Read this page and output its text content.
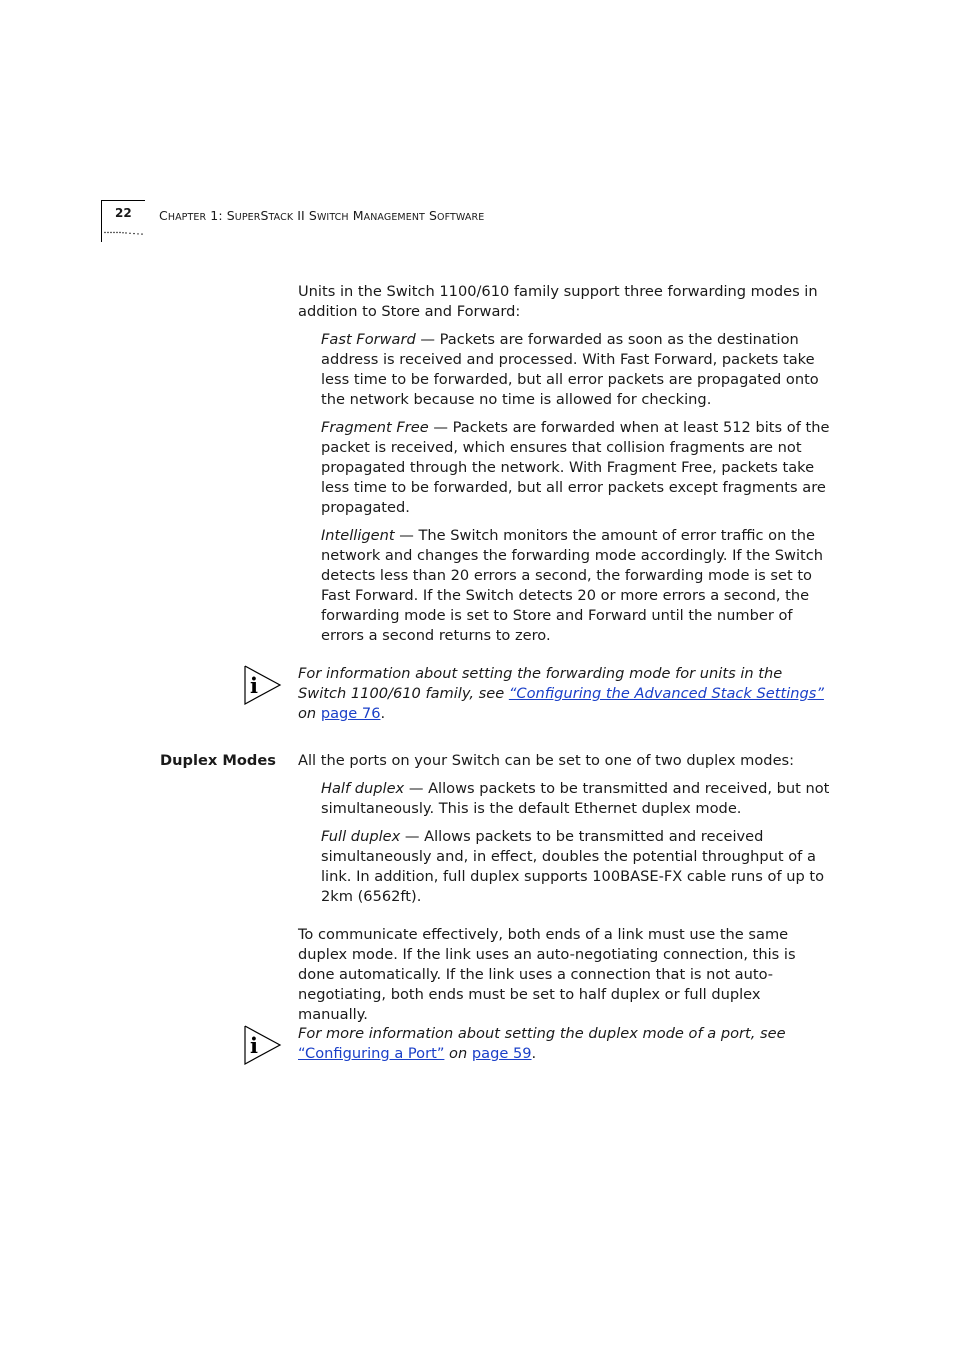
22 CHAPTER 1: SUPERSTACK II SWITCH MANAGEMENT SOFTWARE
Units in the Switch 1100/610 family support three forwarding modes in addition to Store and Forward:
Fast Forward — Packets are forwarded as soon as the destination address is received and processed. With Fast Forward, packets take less time to be forwarded, but all error packets are propagated onto the network because no time is allowed for checking.
Fragment Free — Packets are forwarded when at least 512 bits of the packet is received, which ensures that collision fragments are not propagated through the network. With Fragment Free, packets take less time to be forwarded, but all error packets except fragments are propagated.
Intelligent — The Switch monitors the amount of error traffic on the network and changes the forwarding mode accordingly. If the Switch detects less than 20 errors a second, the forwarding mode is set to Fast Forward. If the Switch detects 20 or more errors a second, the forwarding mode is set to Store and Forward until the number of errors a second returns to zero.
i	For information about setting the forwarding mode for units in the Switch 1100/610 family, see “Configuring the Advanced Stack Settings” on page 76.
Duplex Modes All the ports on your Switch can be set to one of two duplex modes:
Half duplex — Allows packets to be transmitted and received, but not simultaneously. This is the default Ethernet duplex mode.
Full duplex — Allows packets to be transmitted and received simultaneously and, in effect, doubles the potential throughput of a link. In addition, full duplex supports 100BASE-FX cable runs of up to 2km (6562ft).
To communicate effectively, both ends of a link must use the same duplex mode. If the link uses an auto-negotiating connection, this is done automatically. If the link uses a connection that is not auto-negotiating, both ends must be set to half duplex or full duplex manually.
i	For more information about setting the duplex mode of a port, see “Configuring a Port” on page 59.
